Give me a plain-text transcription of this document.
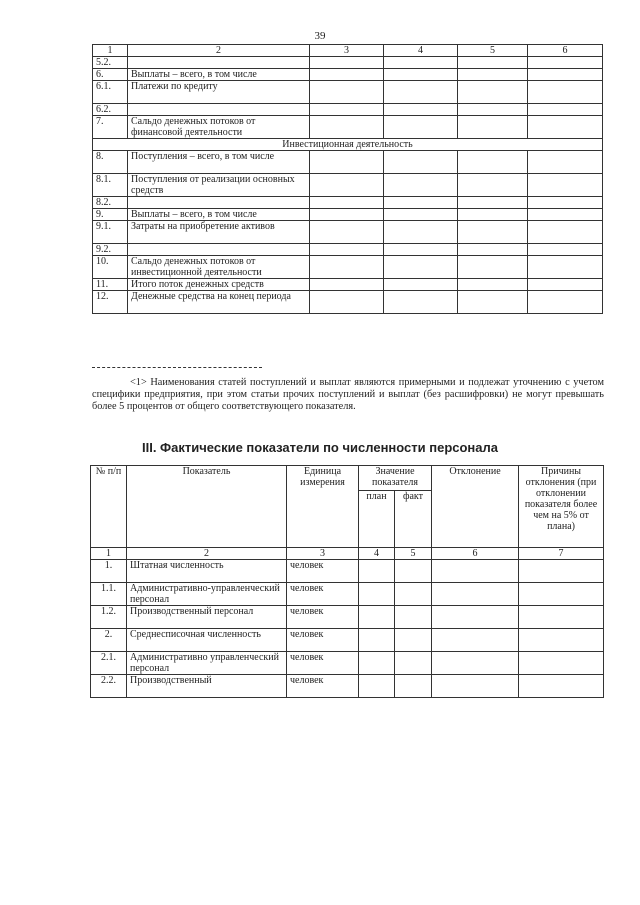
39
1	2	3	4	5	6
5.2.					
6.	Выплаты – всего, в том числе				
6.1.	Платежи по кредиту				
6.2.					
7.	Сальдо денежных потоков от финансовой деятельности				
Инвестиционная деятельность					
8.	Поступления – всего, в том числе				
8.1.	Поступления от реализации основных средств				
8.2.					
9.	Выплаты – всего, в том числе				
9.1.	Затраты на приобретение активов				
9.2.					
10.	Сальдо денежных потоков от инвестиционной деятельности				
11.	Итого поток денежных средств				
12.	Денежные средства на конец периода				
<1> Наименования статей поступлений и выплат являются примерными и подлежат уточнению с учетом специфики предприятия, при этом статьи прочих поступлений и выплат (без расшифровки) не могут превышать более 5 процентов от общего соответствующего показателя.
III. Фактические показатели по численности персонала
№ п/п	Показатель	Единица измерения	Значение показателя		Отклонение	Причины отклонения (при отклонении показателя более чем на 5% от плана)
			план	факт		
1	2	3	4	5	6	7
1.	Штатная численность	человек				
1.1.	Административно-управленческий персонал	человек				
1.2.	Производственный персонал	человек				
2.	Среднесписочная численность	человек				
2.1.	Административно управленческий персонал	человек				
2.2.	Производственный	человек				
